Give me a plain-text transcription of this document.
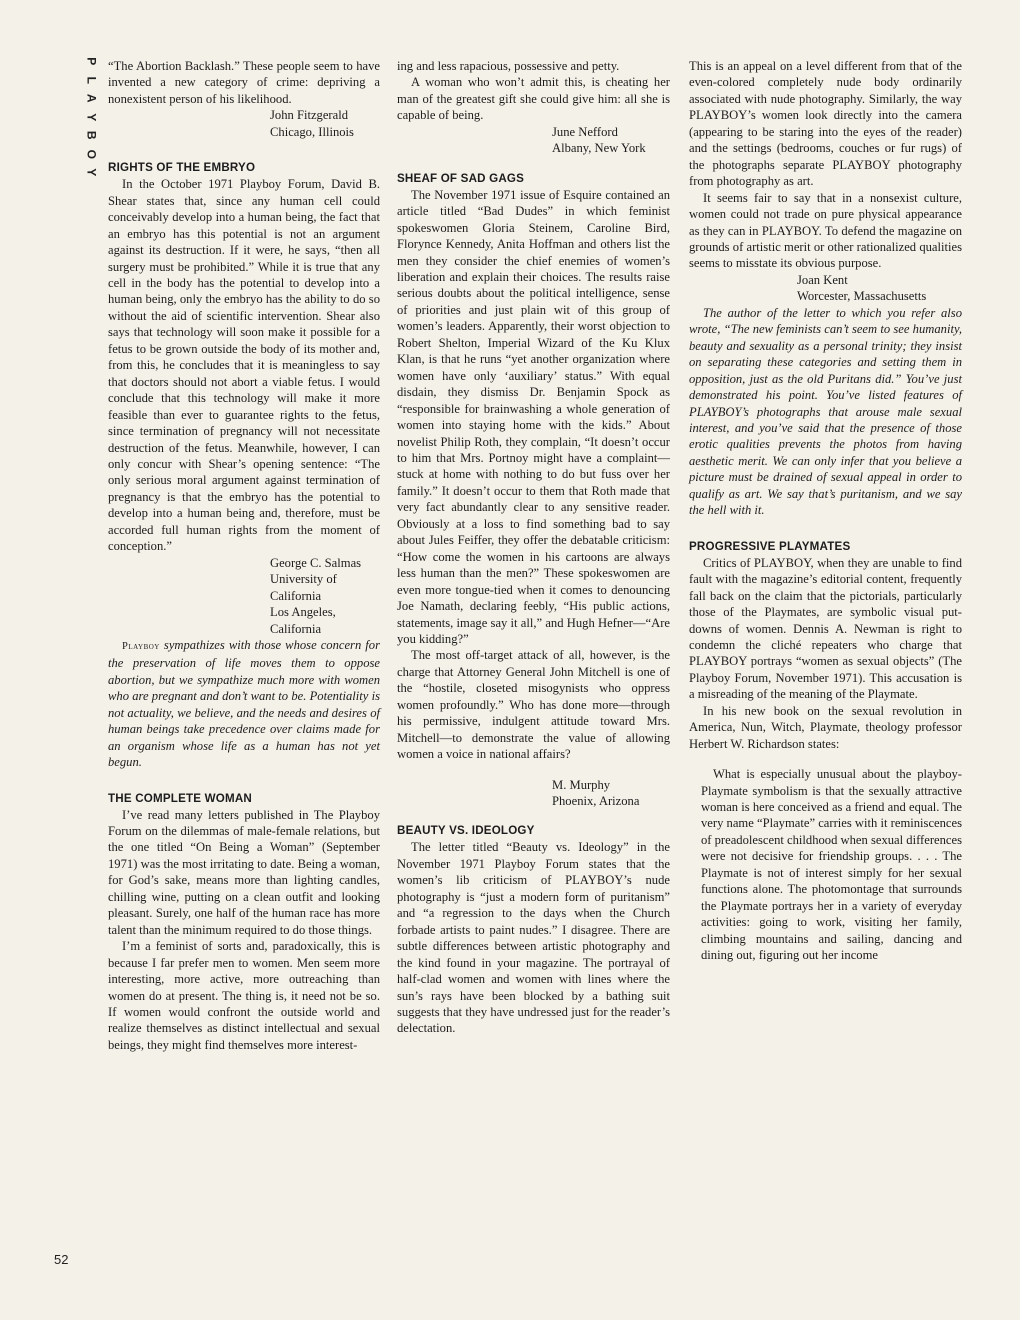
P
L
A
Y
B
O
Y
52

“The Abortion Backlash.” These people seem to have invented a new category of crime: depriving a nonexistent person of his likelihood.

John Fitzgerald
Chicago, Illinois
RIGHTS OF THE EMBRYO

In the October 1971 Playboy Forum, David B. Shear states that, since any human cell could conceivably develop into a human being, the fact that an embryo has this potential is not an argument against its destruction. If it were, he says, “then all surgery must be prohibited.” While it is true that any cell in the body has the potential to develop into a human being, only the embryo has the ability to do so without the aid of scientific intervention. Shear also says that technology will soon make it possible for a fetus to be grown outside the body of its mother and, from this, he concludes that it is meaningless to say that doctors should not abort a viable fetus. I would conclude that this technology will make it more feasible than ever to guarantee rights to the fetus, since termination of pregnancy will not necessitate destruction of the fetus. Meanwhile, however, I can only concur with Shear’s opening sentence: “The only serious moral argument against termination of pregnancy is that the embryo has the potential to develop into a human being and, therefore, must be accorded full human rights from the moment of conception.”

George C. Salmas
University of California
Los Angeles, California

Playboy sympathizes with those whose concern for the preservation of life moves them to oppose abortion, but we sympathize much more with women who are pregnant and don’t want to be. Potentiality is not actuality, we believe, and the needs and desires of human beings take precedence over claims made for an organism whose life as a human has not yet begun.

THE COMPLETE WOMAN

I’ve read many letters published in The Playboy Forum on the dilemmas of male-female relations, but the one titled “On Being a Woman” (September 1971) was the most irritating to date. Being a woman, for God’s sake, means more than lighting candles, chilling wine, putting on a clean outfit and looking pleasant. Surely, one half of the human race has more talent than the minimum required to do those things.

I’m a feminist of sorts and, paradoxically, this is because I far prefer men to women. Men seem more interesting, more active, more outreaching than women do at present. The thing is, it need not be so. If women would confront the outside world and realize themselves as distinct intellectual and sexual beings, they might find themselves more interest-

ing and less rapacious, possessive and petty.

A woman who won’t admit this, is cheating her man of the greatest gift she could give him: all she is capable of being.

June Nefford
Albany, New York
SHEAF OF SAD GAGS

The November 1971 issue of Esquire contained an article titled “Bad Dudes” in which feminist spokeswomen Gloria Steinem, Caroline Bird, Florynce Kennedy, Anita Hoffman and others list the men they consider the chief enemies of women’s liberation and explain their choices. The results raise serious doubts about the political intelligence, sense of priorities and just plain wit of this group of women’s leaders. Apparently, their worst objection to Robert Shelton, Imperial Wizard of the Ku Klux Klan, is that he runs “yet another organization where women have only ‘auxiliary’ status.” With equal disdain, they dismiss Dr. Benjamin Spock as “responsible for brainwashing a whole generation of women into staying home with the kids.” About novelist Philip Roth, they complain, “It doesn’t occur to him that Mrs. Portnoy might have a complaint—stuck at home with nothing to do but fuss over her family.” It doesn’t occur to them that Roth made that very fact abundantly clear to any sensitive reader. Obviously at a loss to find something bad to say about Jules Feiffer, they offer the debatable criticism: “How come the women in his cartoons are always less human than the men?” These spokeswomen are even more tongue-tied when it comes to denouncing Joe Namath, declaring feebly, “His public actions, statements, image say it all,” and Hugh Hefner—“Are you kidding?”

The most off-target attack of all, however, is the charge that Attorney General John Mitchell is one of the “hostile, closeted misogynists who oppress women profoundly.” Who has done more—through his permissive, indulgent attitude toward Mrs. Mitchell—to demonstrate the value of allowing women a voice in national affairs?

M. Murphy
Phoenix, Arizona
BEAUTY VS. IDEOLOGY

The letter titled “Beauty vs. Ideology” in the November 1971 Playboy Forum states that the women’s lib criticism of PLAYBOY’s nude photography is “just a modern form of puritanism” and “a regression to the days when the Church forbade artists to paint nudes.” I disagree. There are subtle differences between artistic photography and the kind found in your magazine. The portrayal of half-clad women and women with lines where the sun’s rays have been blocked by a bathing suit suggests that they have undressed just for the reader’s delectation.

This is an appeal on a level different from that of the even-colored completely nude body ordinarily associated with nude photography. Similarly, the way PLAYBOY’s women look directly into the camera (appearing to be staring into the eyes of the reader) and the settings (bedrooms, couches or fur rugs) of the photographs separate PLAYBOY photography from photography as art.

It seems fair to say that in a nonsexist culture, women could not trade on pure physical appearance as they can in PLAYBOY. To defend the magazine on grounds of artistic merit or other rationalized qualities seems to misstate its obvious purpose.

Joan Kent
Worcester, Massachusetts

The author of the letter to which you refer also wrote, “The new feminists can’t seem to see humanity, beauty and sexuality as a personal trinity; they insist on separating these categories and setting them in opposition, just as the old Puritans did.” You’ve just demonstrated his point. You’ve listed features of PLAYBOY’s photographs that arouse male sexual interest, and you’ve said that the presence of those erotic qualities prevents the photos from having aesthetic merit. We can only infer that you believe a picture must be drained of sexual appeal in order to qualify as art. We say that’s puritanism, and we say the hell with it.

PROGRESSIVE PLAYMATES

Critics of PLAYBOY, when they are unable to find fault with the magazine’s editorial content, frequently fall back on the claim that the pictorials, particularly those of the Playmates, are symbolic visual put-downs of women. Dennis A. Newman is right to condemn the cliché repeaters who charge that PLAYBOY portrays “women as sexual objects” (The Playboy Forum, November 1971). This accusation is a misreading of the meaning of the Playmate.

In his new book on the sexual revolution in America, Nun, Witch, Playmate, theology professor Herbert W. Richardson states:

What is especially unusual about the playboy-Playmate symbolism is that the sexually attractive woman is here conceived as a friend and equal. The very name “Playmate” carries with it reminiscences of preadolescent childhood when sexual differences were not decisive for friendship groups. . . . The Playmate is not of interest simply for her sexual functions alone. The photomontage that surrounds the Playmate portrays her in a variety of everyday activities: going to work, visiting her family, climbing mountains and sailing, dancing and dining out, figuring out her income
